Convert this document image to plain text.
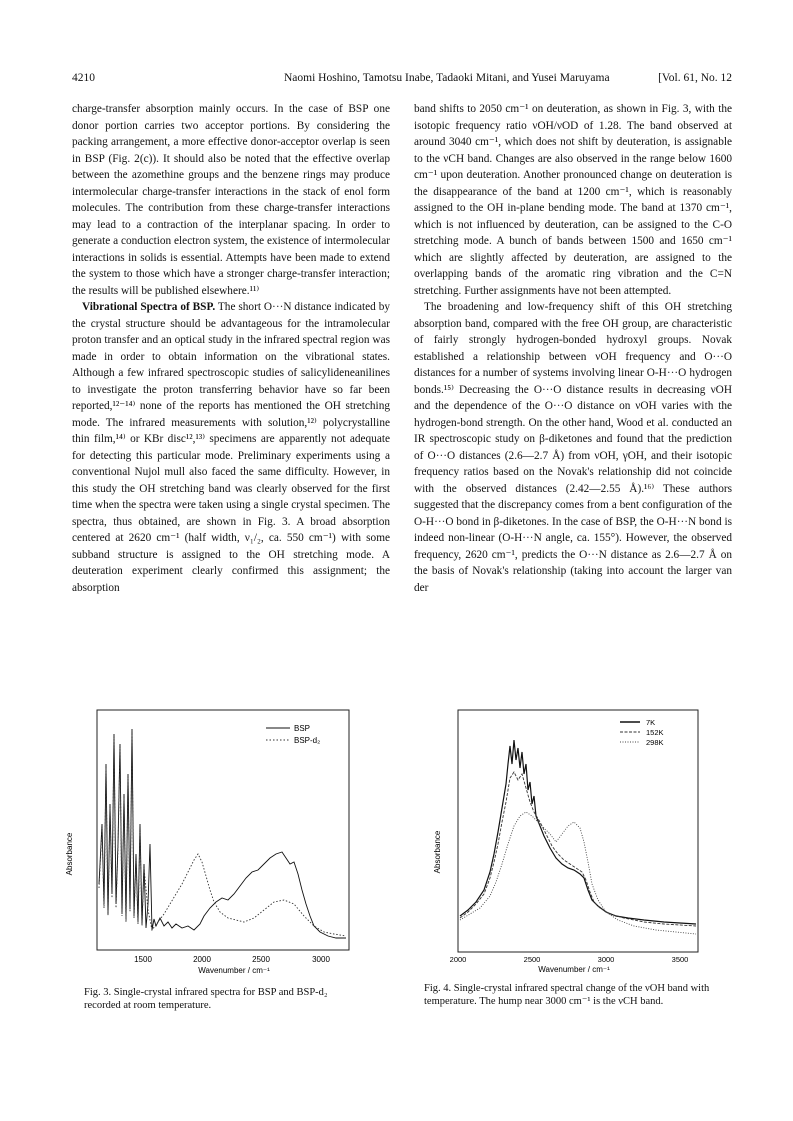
4210	Naomi Hoshino, Tamotsu Inabe, Tadaoki Mitani, and Yusei Maruyama	[Vol. 61, No. 12

charge-transfer absorption mainly occurs. In the case of BSP one donor portion carries two acceptor portions. By considering the packing arrangement, a more effective donor-acceptor overlap is seen in BSP (Fig. 2(c)). It should also be noted that the effective overlap between the azomethine groups and the benzene rings may produce intermolecular charge-transfer interactions in the stack of enol form molecules. The contribution from these charge-transfer interactions may lead to a contraction of the interplanar spacing. In order to generate a conduction electron system, the existence of intermolecular interactions in solids is essential. Attempts have been made to extend the system to those which have a stronger charge-transfer interaction; the results will be published elsewhere.¹¹⁾

Vibrational Spectra of BSP. The short O···N distance indicated by the crystal structure should be advantageous for the intramolecular proton transfer and an optical study in the infrared spectral region was made in order to obtain information on the vibrational states. Although a few infrared spectroscopic studies of salicylideneanilines to investigate the proton transferring behavior have so far been reported,¹²⁻¹⁴⁾ none of the reports has mentioned the OH stretching mode. The infrared measurements with solution,¹²⁾ polycrystalline thin film,¹⁴⁾ or KBr disc¹²,¹³⁾ specimens are apparently not adequate for detecting this particular mode. Preliminary experiments using a conventional Nujol mull also faced the same difficulty. However, in this study the OH stretching band was clearly observed for the first time when the spectra were taken using a single crystal specimen. The spectra, thus obtained, are shown in Fig. 3. A broad absorption centered at 2620 cm⁻¹ (half width, ν₁/₂, ca. 550 cm⁻¹) with some subband structure is assigned to the OH stretching mode. A deuteration experiment clearly confirmed this assignment; the absorption

band shifts to 2050 cm⁻¹ on deuteration, as shown in Fig. 3, with the isotopic frequency ratio νOH/νOD of 1.28. The band observed at around 3040 cm⁻¹, which does not shift by deuteration, is assignable to the νCH band. Changes are also observed in the range below 1600 cm⁻¹ upon deuteration. Another pronounced change on deuteration is the disappearance of the band at 1200 cm⁻¹, which is reasonably assigned to the OH in-plane bending mode. The band at 1370 cm⁻¹, which is not influenced by deuteration, can be assigned to the C-O stretching mode. A bunch of bands between 1500 and 1650 cm⁻¹ which are slightly affected by deuteration, are assigned to the overlapping bands of the aromatic ring vibration and the C=N stretching. Further assignments have not been attempted.

The broadening and low-frequency shift of this OH stretching absorption band, compared with the free OH group, are characteristic of fairly strongly hydrogen-bonded hydroxyl groups. Novak established a relationship between νOH frequency and O···O distances for a number of systems involving linear O-H···O hydrogen bonds.¹⁵⁾ Decreasing the O···O distance results in decreasing νOH and the dependence of the O···O distance on νOH varies with the hydrogen-bond strength. On the other hand, Wood et al. conducted an IR spectroscopic study on β-diketones and found that the prediction of O···O distances (2.6—2.7 Å) from νOH, γOH, and their isotopic frequency ratios based on the Novak's relationship did not coincide with the observed distances (2.42—2.55 Å).¹⁶⁾ These authors suggested that the discrepancy comes from a bent configuration of the O-H···O bond in β-diketones. In the case of BSP, the O-H···N bond is indeed non-linear (O-H···N angle, ca. 155°). However, the observed frequency, 2620 cm⁻¹, predicts the O···N distance as 2.6—2.7 Å on the basis of Novak's relationship (taking into account the larger van der

BSP
BSP-d₂
Absorbance
1500	2000	2500	3000
Wavenumber / cm⁻¹
Fig. 3. Single-crystal infrared spectra for BSP and BSP-d₂ recorded at room temperature.
7K
152K
298K
Absorbance
2000	2500	3000	3500
Wavenumber / cm⁻¹
Fig. 4. Single-crystal infrared spectral change of the νOH band with temperature. The hump near 3000 cm⁻¹ is the νCH band.
